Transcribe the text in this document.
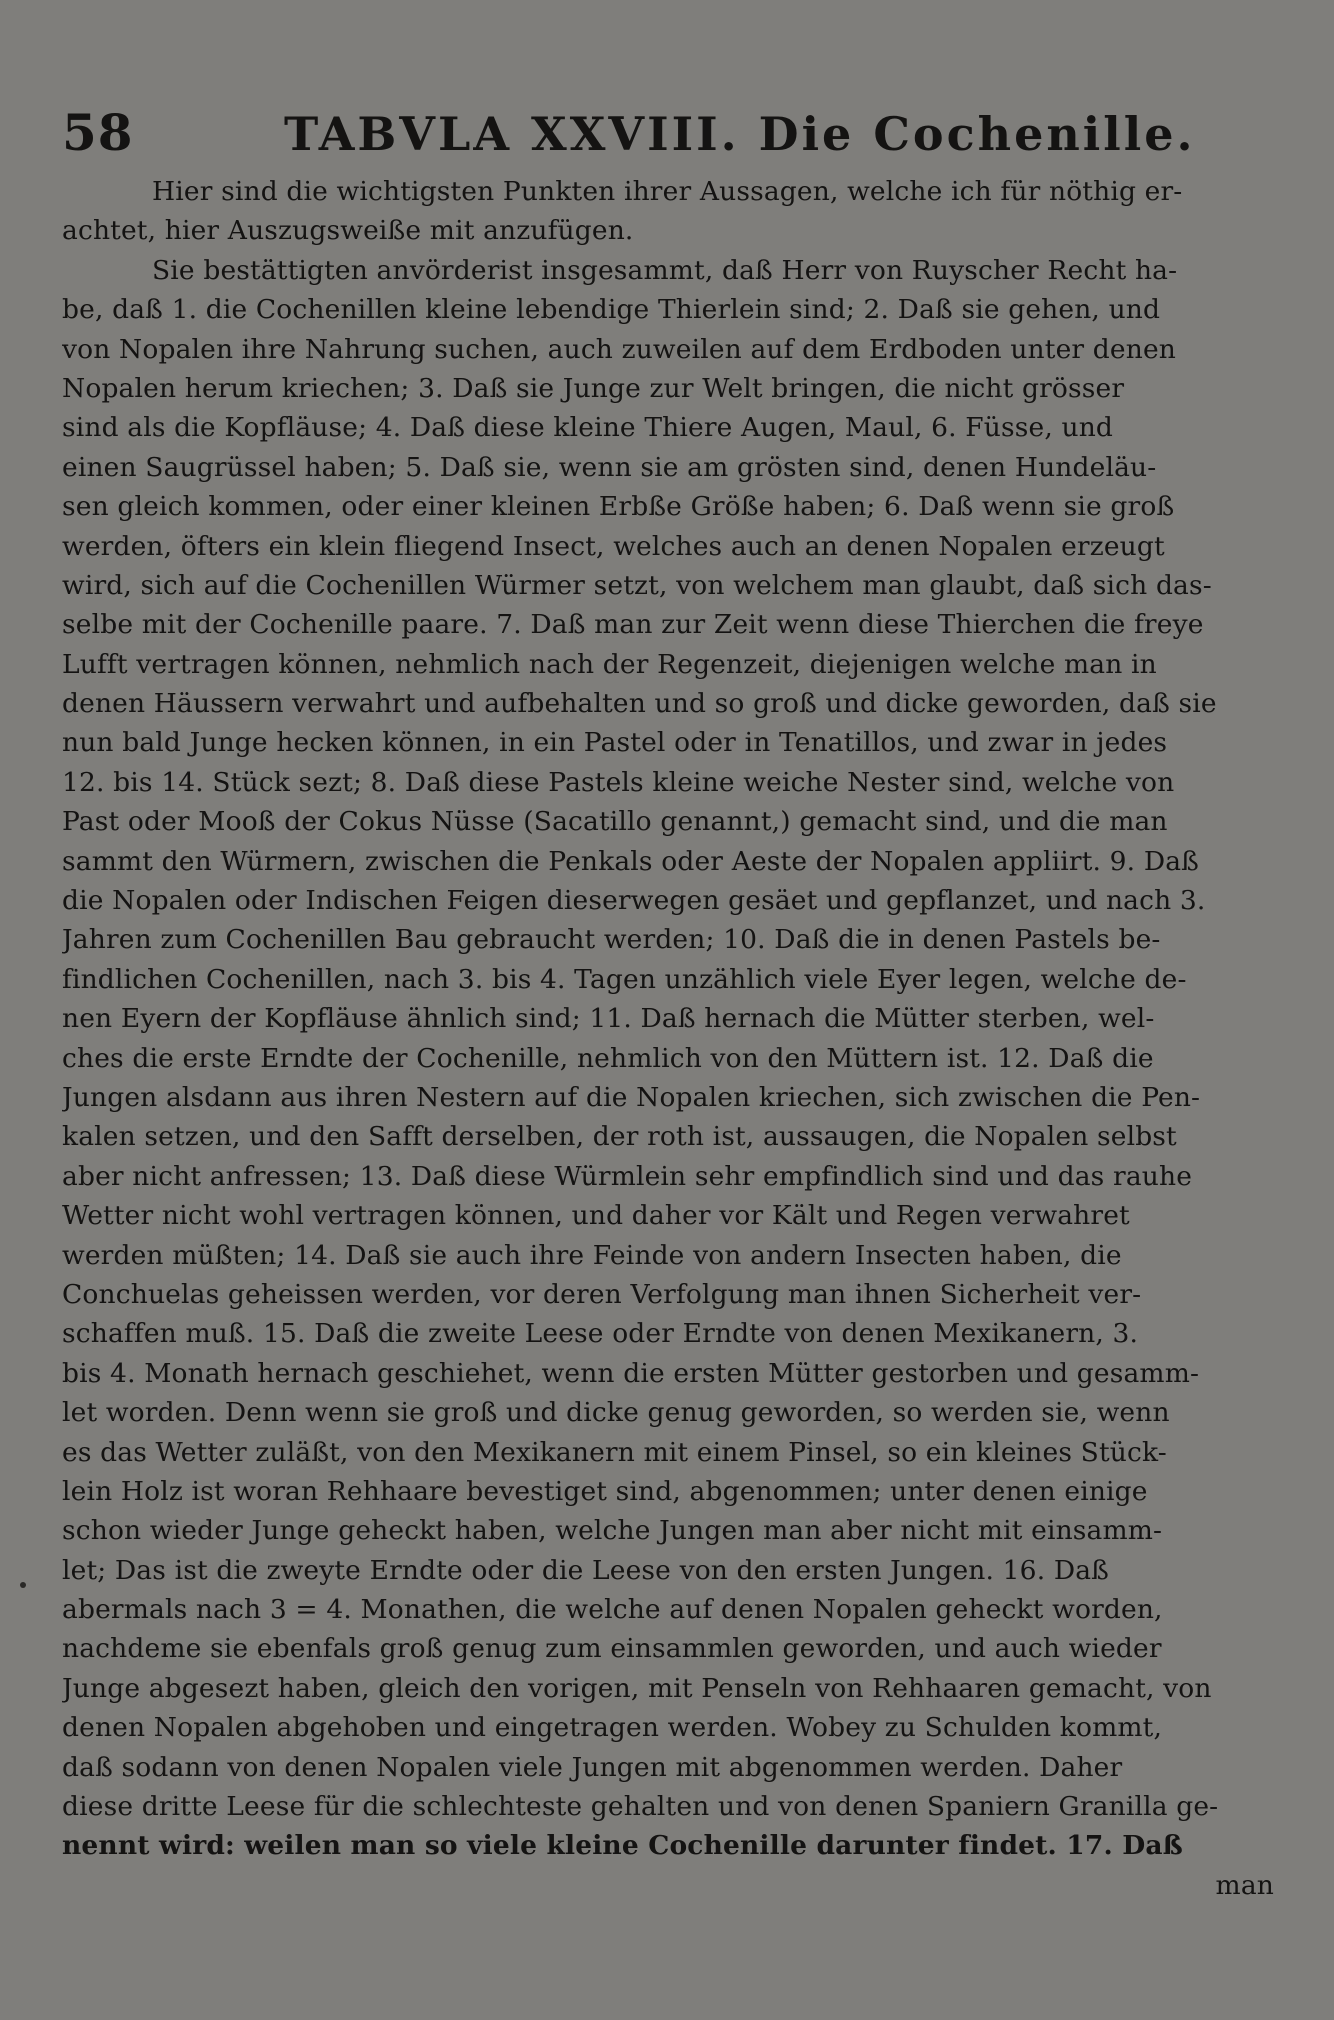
58	TABVLA XXVIII. Die Cochenille.
Hier sind die wichtigsten Punkten ihrer Aussagen, welche ich für nöthig er-
achtet, hier Auszugsweiße mit anzufügen.
Sie bestättigten anvörderist insgesammt, daß Herr von Ruyscher Recht ha-
be, daß 1. die Cochenillen kleine lebendige Thierlein sind; 2. Daß sie gehen, und
von Nopalen ihre Nahrung suchen, auch zuweilen auf dem Erdboden unter denen
Nopalen herum kriechen; 3. Daß sie Junge zur Welt bringen, die nicht grösser
sind als die Kopfläuse; 4. Daß diese kleine Thiere Augen, Maul, 6. Füsse, und
einen Saugrüssel haben; 5. Daß sie, wenn sie am grösten sind, denen Hundeläu-
sen gleich kommen, oder einer kleinen Erbße Größe haben; 6. Daß wenn sie groß
werden, öfters ein klein fliegend Insect, welches auch an denen Nopalen erzeugt
wird, sich auf die Cochenillen Würmer setzt, von welchem man glaubt, daß sich das-
selbe mit der Cochenille paare. 7. Daß man zur Zeit wenn diese Thierchen die freye
Lufft vertragen können, nehmlich nach der Regenzeit, diejenigen welche man in
denen Häussern verwahrt und aufbehalten und so groß und dicke geworden, daß sie
nun bald Junge hecken können, in ein Pastel oder in Tenatillos, und zwar in jedes
12. bis 14. Stück sezt; 8. Daß diese Pastels kleine weiche Nester sind, welche von
Past oder Mooß der Cokus Nüsse (Sacatillo genannt,) gemacht sind, und die man
sammt den Würmern, zwischen die Penkals oder Aeste der Nopalen appliirt. 9. Daß
die Nopalen oder Indischen Feigen dieserwegen gesäet und gepflanzet, und nach 3.
Jahren zum Cochenillen Bau gebraucht werden; 10. Daß die in denen Pastels be-
findlichen Cochenillen, nach 3. bis 4. Tagen unzählich viele Eyer legen, welche de-
nen Eyern der Kopfläuse ähnlich sind; 11. Daß hernach die Mütter sterben, wel-
ches die erste Erndte der Cochenille, nehmlich von den Müttern ist. 12. Daß die
Jungen alsdann aus ihren Nestern auf die Nopalen kriechen, sich zwischen die Pen-
kalen setzen, und den Safft derselben, der roth ist, aussaugen, die Nopalen selbst
aber nicht anfressen; 13. Daß diese Würmlein sehr empfindlich sind und das rauhe
Wetter nicht wohl vertragen können, und daher vor Kält und Regen verwahret
werden müßten; 14. Daß sie auch ihre Feinde von andern Insecten haben, die
Conchuelas geheissen werden, vor deren Verfolgung man ihnen Sicherheit ver-
schaffen muß. 15. Daß die zweite Leese oder Erndte von denen Mexikanern, 3.
bis 4. Monath hernach geschiehet, wenn die ersten Mütter gestorben und gesamm-
let worden. Denn wenn sie groß und dicke genug geworden, so werden sie, wenn
es das Wetter zuläßt, von den Mexikanern mit einem Pinsel, so ein kleines Stück-
lein Holz ist woran Rehhaare bevestiget sind, abgenommen; unter denen einige
schon wieder Junge geheckt haben, welche Jungen man aber nicht mit einsamm-
let; Das ist die zweyte Erndte oder die Leese von den ersten Jungen. 16. Daß
abermals nach 3 = 4. Monathen, die welche auf denen Nopalen geheckt worden,
nachdeme sie ebenfals groß genug zum einsammlen geworden, und auch wieder
Junge abgesezt haben, gleich den vorigen, mit Penseln von Rehhaaren gemacht, von
denen Nopalen abgehoben und eingetragen werden. Wobey zu Schulden kommt,
daß sodann von denen Nopalen viele Jungen mit abgenommen werden. Daher
diese dritte Leese für die schlechteste gehalten und von denen Spaniern Granilla ge-
nennt wird: weilen man so viele kleine Cochenille darunter findet. 17. Daß
man
